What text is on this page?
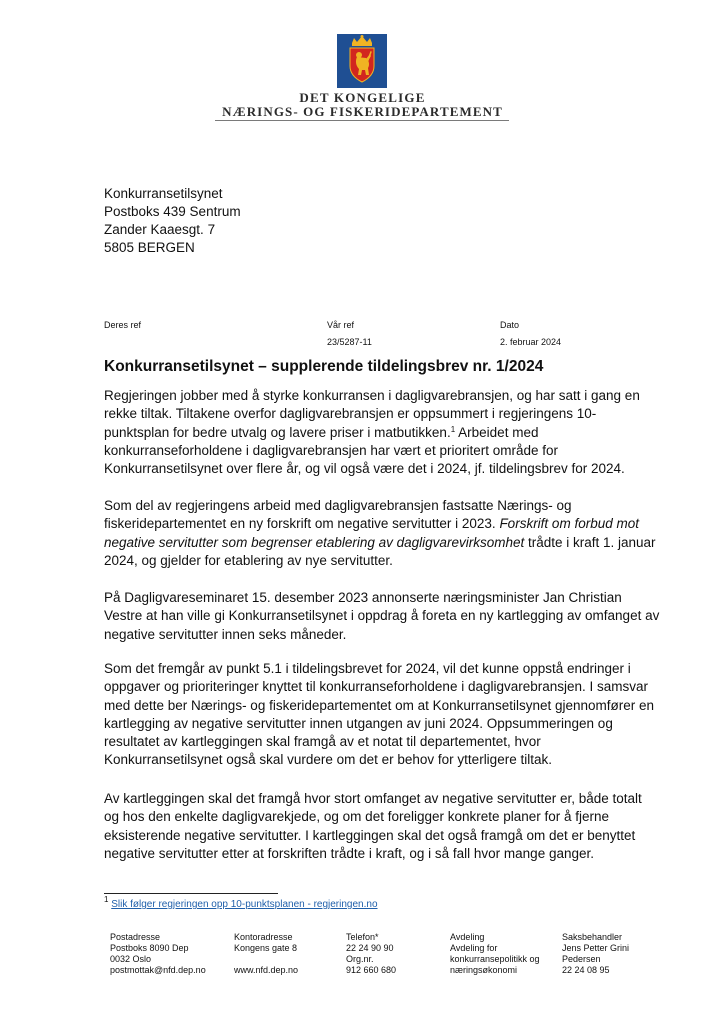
DET KONGELIGE
NÆRINGS- OG FISKERIDEPARTEMENT
Konkurransetilsynet
Postboks 439 Sentrum
Zander Kaaesgt. 7
5805 BERGEN
Deres ref	Vår ref
23/5287-11
Dato
2. februar 2024
Konkurransetilsynet – supplerende tildelingsbrev nr. 1/2024
Regjeringen jobber med å styrke konkurransen i dagligvarebransjen, og har satt i gang en
rekke tiltak. Tiltakene overfor dagligvarebransjen er oppsummert i regjeringens 10-
punktsplan for bedre utvalg og lavere priser i matbutikken.$^1$ Arbeidet med
konkurranseforholdene i dagligvarebransjen har vært et prioritert område for
Konkurransetilsynet over flere år, og vil også være det i 2024, jf. tildelingsbrev for 2024.
Som del av regjeringens arbeid med dagligvarebransjen fastsatte Nærings- og
fiskeridepartementet en ny forskrift om negative servitutter i 2023. Forskrift om forbud mot
negative servitutter som begrenser etablering av dagligvarevirksomhet trådte i kraft 1. januar
2024, og gjelder for etablering av nye servitutter.
På Dagligvareseminaret 15. desember 2023 annonserte næringsminister Jan Christian
Vestre at han ville gi Konkurransetilsynet i oppdrag å foreta en ny kartlegging av omfanget av
negative servitutter innen seks måneder.
Som det fremgår av punkt 5.1 i tildelingsbrevet for 2024, vil det kunne oppstå endringer i
oppgaver og prioriteringer knyttet til konkurranseforholdene i dagligvarebransjen. I samsvar
med dette ber Nærings- og fiskeridepartementet om at Konkurransetilsynet gjennomfører en
kartlegging av negative servitutter innen utgangen av juni 2024. Oppsummeringen og
resultatet av kartleggingen skal framgå av et notat til departementet, hvor
Konkurransetilsynet også skal vurdere om det er behov for ytterligere tiltak.
Av kartleggingen skal det framgå hvor stort omfanget av negative servitutter er, både totalt
og hos den enkelte dagligvarekjede, og om det foreligger konkrete planer for å fjerne
eksisterende negative servitutter. I kartleggingen skal det også framgå om det er benyttet
negative servitutter etter at forskriften trådte i kraft, og i så fall hvor mange ganger.
$^1$ Slik følger regjeringen opp 10-punktsplanen - regjeringen.no
Postadresse
Postboks 8090 Dep
0032 Oslo
postmottak@nfd.dep.no
Kontoradresse
Kongens gate 8
www.nfd.dep.no
Telefon*
22 24 90 90
Org.nr.
912 660 680
Avdeling
Avdeling for
konkurransepolitikk og
næringsøkonomi
Saksbehandler
Jens Petter Grini
Pedersen
22 24 08 95
